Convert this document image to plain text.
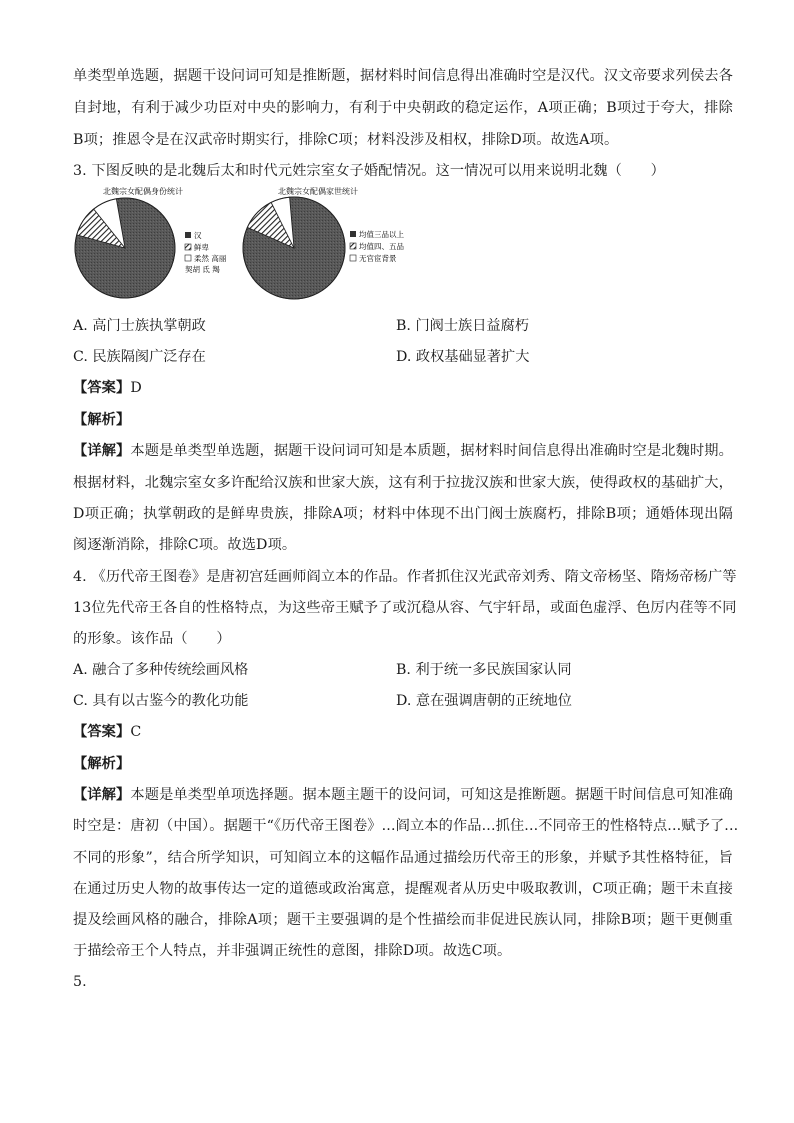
单类型单选题，据题干设问词可知是推断题，据材料时间信息得出准确时空是汉代。汉文帝要求列侯去各
自封地，有利于减少功臣对中央的影响力，有利于中央朝政的稳定运作，A项正确；B项过于夸大，排除
B项；推恩令是在汉武帝时期实行，排除C项；材料没涉及相权，排除D项。故选A项。
3. 下图反映的是北魏后太和时代元姓宗室女子婚配情况。这一情况可以用来说明北魏（　　）
北魏宗女配偶身份统计
汉
鲜卑
柔然 高丽
契胡 氐 羯
北魏宗女配偶家世统计
均值三品以上
均值四、五品
无官宦背景
A. 高门士族执掌朝政	B. 门阀士族日益腐朽
C. 民族隔阂广泛存在	D. 政权基础显著扩大
【答案】D
【解析】
【详解】本题是单类型单选题，据题干设问词可知是本质题，据材料时间信息得出准确时空是北魏时期。
根据材料，北魏宗室女多许配给汉族和世家大族，这有利于拉拢汉族和世家大族，使得政权的基础扩大，
D项正确；执掌朝政的是鲜卑贵族，排除A项；材料中体现不出门阀士族腐朽，排除B项；通婚体现出隔
阂逐渐消除，排除C项。故选D项。
4. 《历代帝王图卷》是唐初宫廷画师阎立本的作品。作者抓住汉光武帝刘秀、隋文帝杨坚、隋炀帝杨广等
13位先代帝王各自的性格特点，为这些帝王赋予了或沉稳从容、气宇轩昂，或面色虚浮、色厉内荏等不同
的形象。该作品（　　）
A. 融合了多种传统绘画风格	B. 利于统一多民族国家认同
C. 具有以古鉴今的教化功能	D. 意在强调唐朝的正统地位
【答案】C
【解析】
【详解】本题是单类型单项选择题。据本题主题干的设问词，可知这是推断题。据题干时间信息可知准确
时空是：唐初（中国）。据题干“《历代帝王图卷》...阎立本的作品...抓住...不同帝王的性格特点...赋予了...
不同的形象”，结合所学知识，可知阎立本的这幅作品通过描绘历代帝王的形象，并赋予其性格特征，旨
在通过历史人物的故事传达一定的道德或政治寓意，提醒观者从历史中吸取教训，C项正确；题干未直接
提及绘画风格的融合，排除A项；题干主要强调的是个性描绘而非促进民族认同，排除B项；题干更侧重
于描绘帝王个人特点，并非强调正统性的意图，排除D项。故选C项。
5.
